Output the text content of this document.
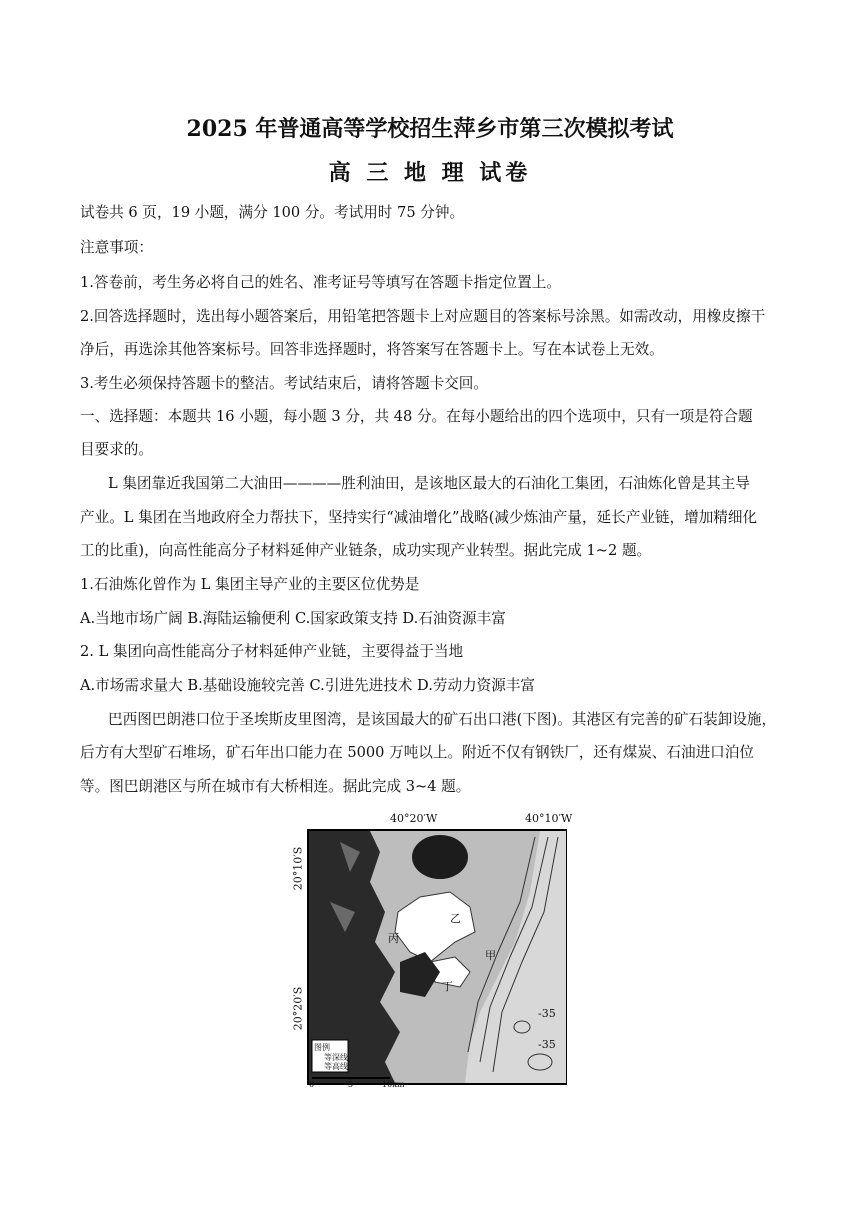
2025 年普通高等学校招生萍乡市第三次模拟考试
高 三 地 理 试卷
试卷共 6 页，19 小题，满分 100 分。考试用时 75 分钟。
注意事项：
1.答卷前，考生务必将自己的姓名、准考证号等填写在答题卡指定位置上。
2.回答选择题时，选出每小题答案后，用铅笔把答题卡上对应题目的答案标号涂黑。如需改动，用橡皮擦干
净后，再选涂其他答案标号。回答非选择题时，将答案写在答题卡上。写在本试卷上无效。
3.考生必须保持答题卡的整洁。考试结束后，请将答题卡交回。
一、选择题：本题共 16 小题，每小题 3 分，共 48 分。在每小题给出的四个选项中，只有一项是符合题
目要求的。
L 集团靠近我国第二大油田————胜利油田，是该地区最大的石油化工集团，石油炼化曾是其主导
产业。L 集团在当地政府全力帮扶下，坚持实行“减油增化”战略(减少炼油产量，延长产业链，增加精细化
工的比重)，向高性能高分子材料延伸产业链条，成功实现产业转型。据此完成 1~2 题。
1.石油炼化曾作为 L 集团主导产业的主要区位优势是
A.当地市场广阔 B.海陆运输便利 C.国家政策支持 D.石油资源丰富
2. L 集团向高性能高分子材料延伸产业链，主要得益于当地
A.市场需求量大 B.基础设施较完善 C.引进先进技术 D.劳动力资源丰富
巴西图巴朗港口位于圣埃斯皮里图湾，是该国最大的矿石出口港(下图)。其港区有完善的矿石装卸设施，
后方有大型矿石堆场，矿石年出口能力在 5000 万吨以上。附近不仅有钢铁厂，还有煤炭、石油进口泊位
等。图巴朗港区与所在城市有大桥相连。据此完成 3~4 题。
40°20′W	40°10′W
20°10′S
20°20′S
乙
丙
甲
丁
-35
-35
图例
等深线
等高线
0	5	10km
